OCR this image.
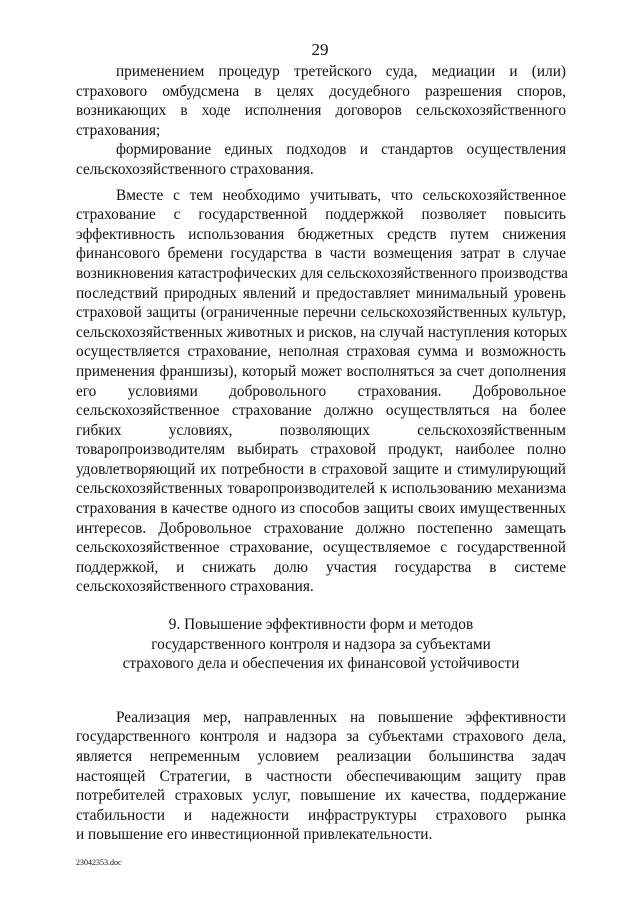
29
применением процедур третейского суда, медиации и (или)
страхового омбудсмена в целях досудебного разрешения споров,
возникающих в ходе исполнения договоров сельскохозяйственного
страхования;
формирование единых подходов и стандартов осуществления
сельскохозяйственного страхования.
Вместе с тем необходимо учитывать, что сельскохозяйственное
страхование с государственной поддержкой позволяет повысить
эффективность использования бюджетных средств путем снижения
финансового бремени государства в части возмещения затрат в случае
возникновения катастрофических для сельскохозяйственного производства
последствий природных явлений и предоставляет минимальный уровень
страховой защиты (ограниченные перечни сельскохозяйственных культур,
сельскохозяйственных животных и рисков, на случай наступления которых
осуществляется страхование, неполная страховая сумма и возможность
применения франшизы), который может восполняться за счет дополнения
его условиями добровольного страхования. Добровольное
сельскохозяйственное страхование должно осуществляться на более
гибких условиях, позволяющих сельскохозяйственным
товаропроизводителям выбирать страховой продукт, наиболее полно
удовлетворяющий их потребности в страховой защите и стимулирующий
сельскохозяйственных товаропроизводителей к использованию механизма
страхования в качестве одного из способов защиты своих имущественных
интересов. Добровольное страхование должно постепенно замещать
сельскохозяйственное страхование, осуществляемое с государственной
поддержкой, и снижать долю участия государства в системе
сельскохозяйственного страхования.
9. Повышение эффективности форм и методов
государственного контроля и надзора за субъектами
страхового дела и обеспечения их финансовой устойчивости
Реализация мер, направленных на повышение эффективности
государственного контроля и надзора за субъектами страхового дела,
является непременным условием реализации большинства задач
настоящей Стратегии, в частности обеспечивающим защиту прав
потребителей страховых услуг, повышение их качества, поддержание
стабильности и надежности инфраструктуры страхового рынка
и повышение его инвестиционной привлекательности.
23042353.doc
